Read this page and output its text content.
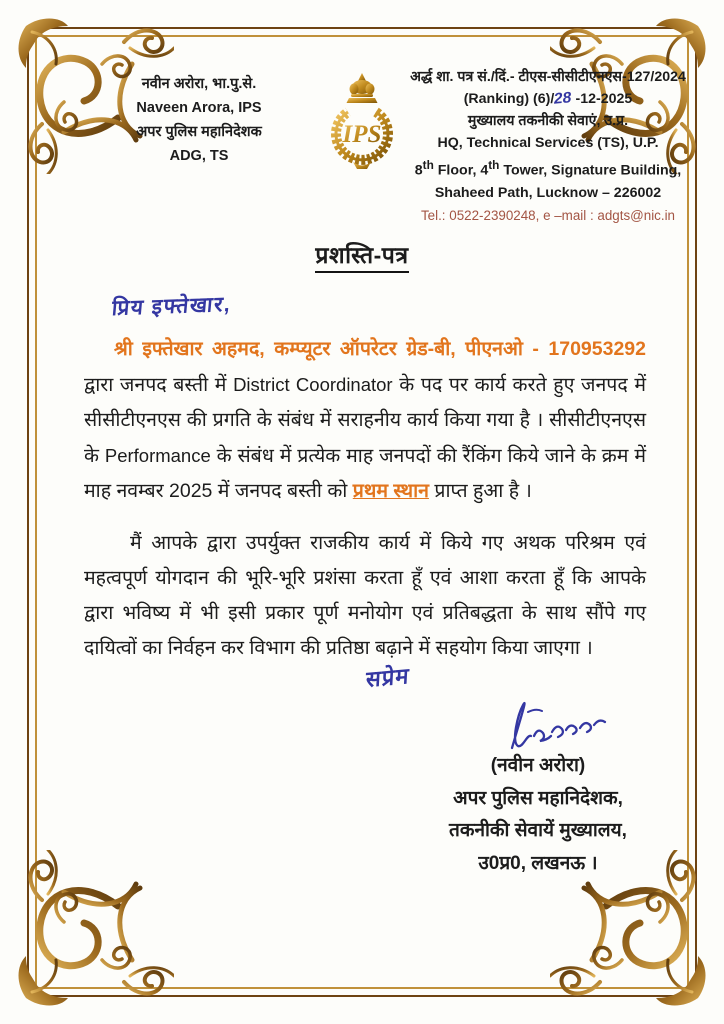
नवीन अरोरा, भा.पु.से.
Naveen Arora, IPS
अपर पुलिस महानिदेशक
ADG, TS
IPS
अर्द्ध शा. पत्र सं./दिं.- टीएस-सीसीटीएनएस-127/2024
(Ranking) (6)/28 -12-2025
मुख्यालय तकनीकी सेवाएं, उ.प्र.
HQ, Technical Services (TS), U.P.
8th Floor, 4th Tower, Signature Building,
Shaheed Path, Lucknow – 226002
Tel.: 0522-2390248, e –mail : adgts@nic.in
प्रशस्ति-पत्र
प्रिय इफ्तेखार,
श्री इफ्तेखार अहमद, कम्प्यूटर ऑपरेटर ग्रेड-बी, पीएनओ - 170953292 द्वारा जनपद बस्ती में District Coordinator के पद पर कार्य करते हुए जनपद में सीसीटीएनएस की प्रगति के संबंध में सराहनीय कार्य किया गया है । सीसीटीएनएस के Performance के संबंध में प्रत्येक माह जनपदों की रैंकिंग किये जाने के क्रम में माह नवम्बर 2025 में जनपद बस्ती को प्रथम स्थान प्राप्त हुआ है ।
मैं आपके द्वारा उपर्युक्त राजकीय कार्य में किये गए अथक परिश्रम एवं महत्वपूर्ण योगदान की भूरि-भूरि प्रशंसा करता हूँ एवं आशा करता हूँ कि आपके द्वारा भविष्य में भी इसी प्रकार पूर्ण मनोयोग एवं प्रतिबद्धता के साथ सौंपे गए दायित्वों का निर्वहन कर विभाग की प्रतिष्ठा बढ़ाने में सहयोग किया जाएगा ।
सप्रेम
(नवीन अरोरा)
अपर पुलिस महानिदेशक,
तकनीकी सेवायें मुख्यालय,
उ0प्र0, लखनऊ ।
